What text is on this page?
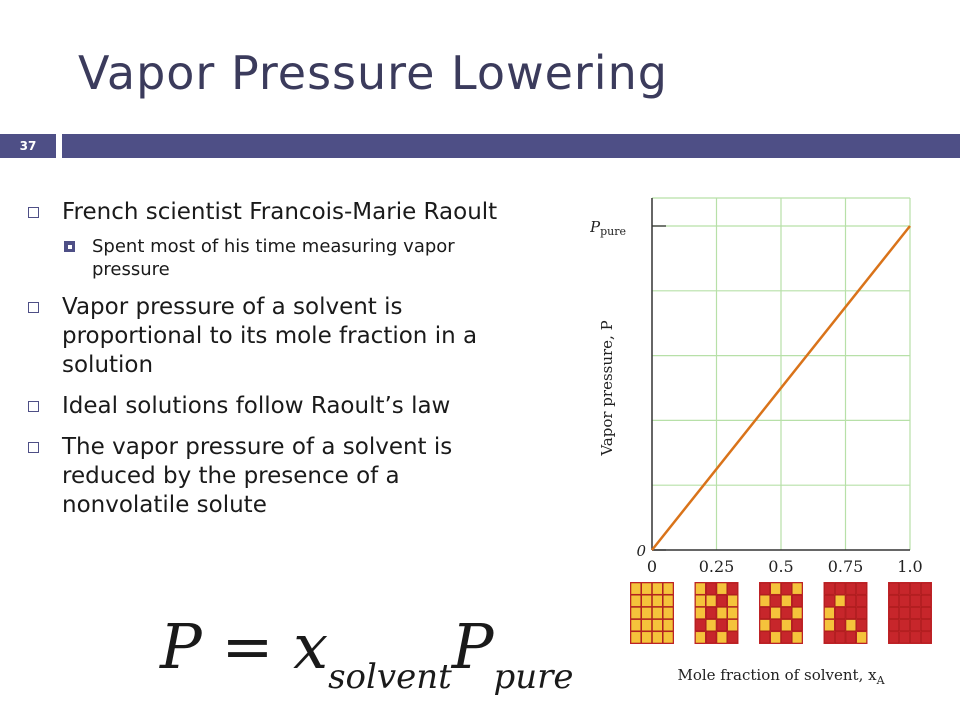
Vapor Pressure Lowering
37
French scientist Francois-Marie Raoult
Spent most of his time measuring vapor
pressure
Vapor pressure of a solvent is
proportional to its mole fraction in a
solution
Ideal solutions follow Raoult’s law
The vapor pressure of a solvent is
reduced by the presence of a
nonvolatile solute
$P = x_{solvent}P_{pure}$
0	0.25 0.5 0.75 1.0
0
$P_{pure}$
Vapor pressure, P
Mole fraction of solvent, $x_A$
